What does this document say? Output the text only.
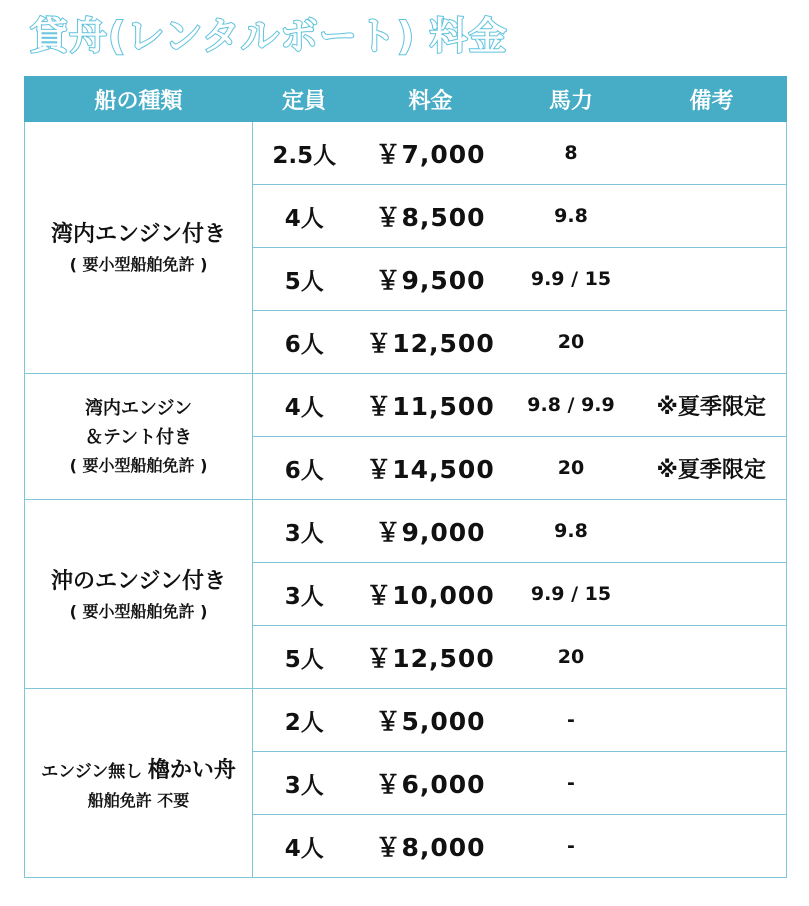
貸舟(レンタルボート) 料金
船の種類	定員	料金	馬力	備考

湾内エンジン付き
( 要小型船舶免許 )	2.5人	￥7,000	8	
	4人	￥8,500	9.8	
	5人	￥9,500	9.9 / 15	
	6人	￥12,500	20	

湾内エンジン
＆テント付き
( 要小型船舶免許 )	4人	￥11,500	9.8 / 9.9	※夏季限定
	6人	￥14,500	20	※夏季限定

沖のエンジン付き
( 要小型船舶免許 )	3人	￥9,000	9.8	
	3人	￥10,000	9.9 / 15	
	5人	￥12,500	20	

エンジン無し 櫓かい舟
船舶免許 不要	2人	￥5,000	-	
	3人	￥6,000	-	
	4人	￥8,000	-	
